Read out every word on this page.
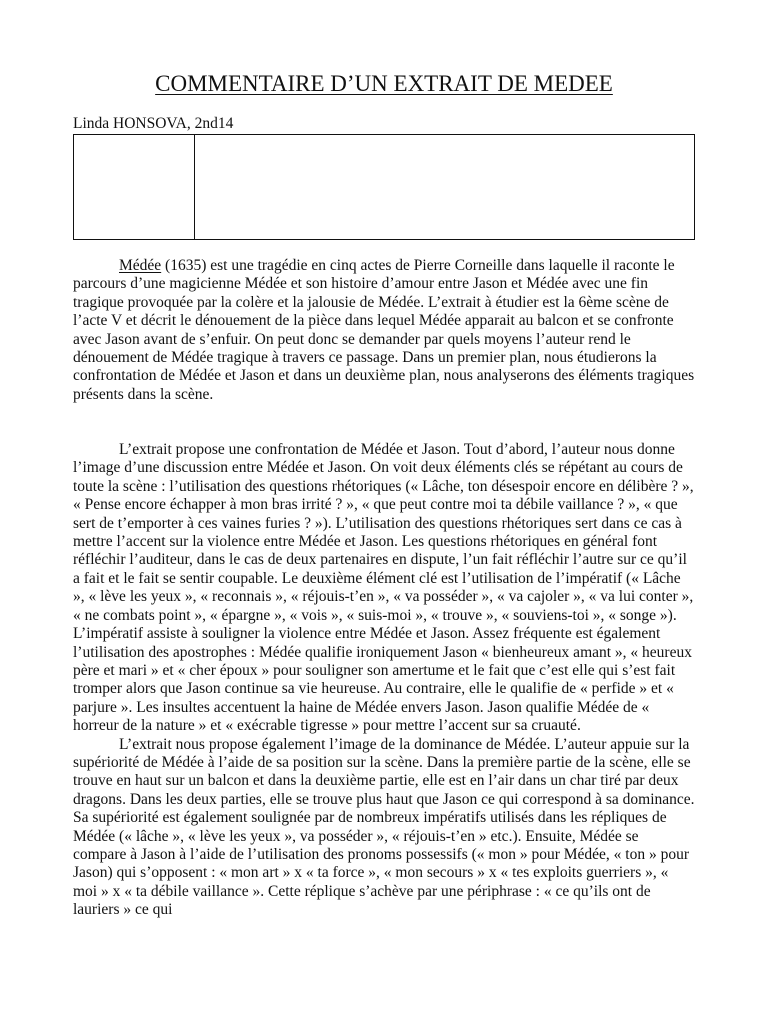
COMMENTAIRE D’UN EXTRAIT DE MEDEE
Linda HONSOVA, 2nd14

Médée (1635) est une tragédie en cinq actes de Pierre Corneille dans laquelle il raconte le parcours d’une magicienne Médée et son histoire d’amour entre Jason et Médée avec une fin tragique provoquée par la colère et la jalousie de Médée. L’extrait à étudier est la 6ème scène de l’acte V et décrit le dénouement de la pièce dans lequel Médée apparait au balcon et se confronte avec Jason avant de s’enfuir. On peut donc se demander par quels moyens l’auteur rend le dénouement de Médée tragique à travers ce passage. Dans un premier plan, nous étudierons la confrontation de Médée et Jason et dans un deuxième plan, nous analyserons des éléments tragiques présents dans la scène.

L’extrait propose une confrontation de Médée et Jason. Tout d’abord, l’auteur nous donne l’image d’une discussion entre Médée et Jason. On voit deux éléments clés se répétant au cours de toute la scène : l’utilisation des questions rhétoriques (« Lâche, ton désespoir encore en délibère ? », « Pense encore échapper à mon bras irrité ? », « que peut contre moi ta débile vaillance ? », « que sert de t’emporter à ces vaines furies ? »). L’utilisation des questions rhétoriques sert dans ce cas à mettre l’accent sur la violence entre Médée et Jason. Les questions rhétoriques en général font réfléchir l’auditeur, dans le cas de deux partenaires en dispute, l’un fait réfléchir l’autre sur ce qu’il a fait et le fait se sentir coupable. Le deuxième élément clé est l’utilisation de l’impératif (« Lâche », « lève les yeux », « reconnais », « réjouis-t’en », « va posséder », « va cajoler », « va lui conter », « ne combats point », « épargne », « vois », « suis-moi », « trouve », « souviens-toi », « songe »). L’impératif assiste à souligner la violence entre Médée et Jason. Assez fréquente est également l’utilisation des apostrophes : Médée qualifie ironiquement Jason « bienheureux amant », « heureux père et mari » et « cher époux » pour souligner son amertume et le fait que c’est elle qui s’est fait tromper alors que Jason continue sa vie heureuse. Au contraire, elle le qualifie de « perfide » et « parjure ». Les insultes accentuent la haine de Médée envers Jason. Jason qualifie Médée de « horreur de la nature » et « exécrable tigresse » pour mettre l’accent sur sa cruauté.

L’extrait nous propose également l’image de la dominance de Médée. L’auteur appuie sur la supériorité de Médée à l’aide de sa position sur la scène. Dans la première partie de la scène, elle se trouve en haut sur un balcon et dans la deuxième partie, elle est en l’air dans un char tiré par deux dragons. Dans les deux parties, elle se trouve plus haut que Jason ce qui correspond à sa dominance. Sa supériorité est également soulignée par de nombreux impératifs utilisés dans les répliques de Médée (« lâche », « lève les yeux », va posséder », « réjouis-t’en » etc.). Ensuite, Médée se compare à Jason à l’aide de l’utilisation des pronoms possessifs (« mon » pour Médée, « ton » pour Jason) qui s’opposent : « mon art » x « ta force », « mon secours » x « tes exploits guerriers », « moi » x « ta débile vaillance ». Cette réplique s’achève par une périphrase : « ce qu’ils ont de lauriers » ce qui
